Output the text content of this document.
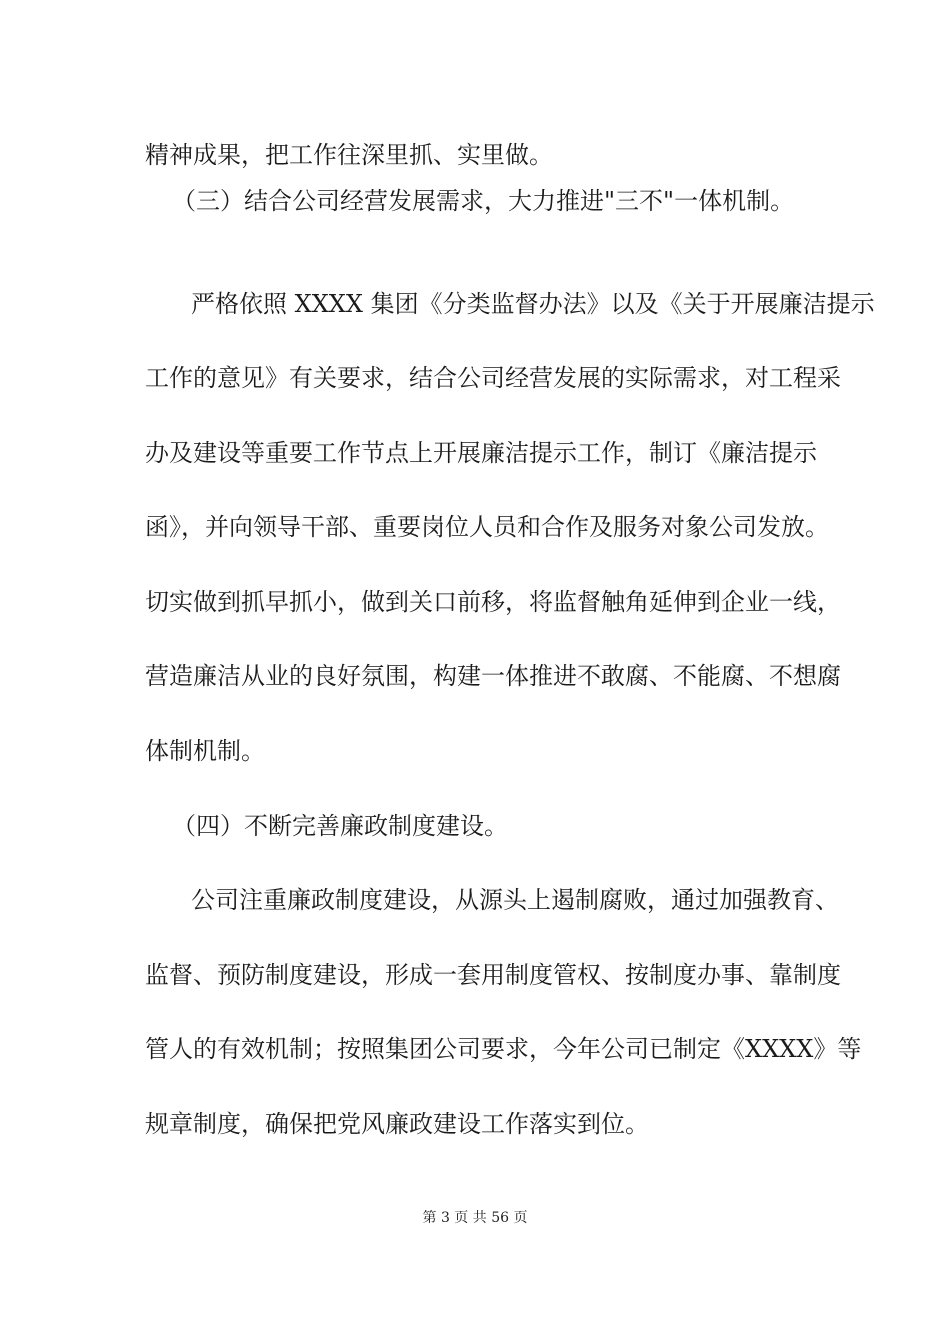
精神成果，把工作往深里抓、实里做。
（三）结合公司经营发展需求，大力推进"三不"一体机制。
严格依照 XXXX 集团《分类监督办法》以及《关于开展廉洁提示
工作的意见》有关要求，结合公司经营发展的实际需求，对工程采
办及建设等重要工作节点上开展廉洁提示工作，制订《廉洁提示
函》，并向领导干部、重要岗位人员和合作及服务对象公司发放。
切实做到抓早抓小，做到关口前移，将监督触角延伸到企业一线，
营造廉洁从业的良好氛围，构建一体推进不敢腐、不能腐、不想腐
体制机制。
（四）不断完善廉政制度建设。
公司注重廉政制度建设，从源头上遏制腐败，通过加强教育、
监督、预防制度建设，形成一套用制度管权、按制度办事、靠制度
管人的有效机制；按照集团公司要求，今年公司已制定《XXXX》等
规章制度，确保把党风廉政建设工作落实到位。
第 3 页 共 56 页
